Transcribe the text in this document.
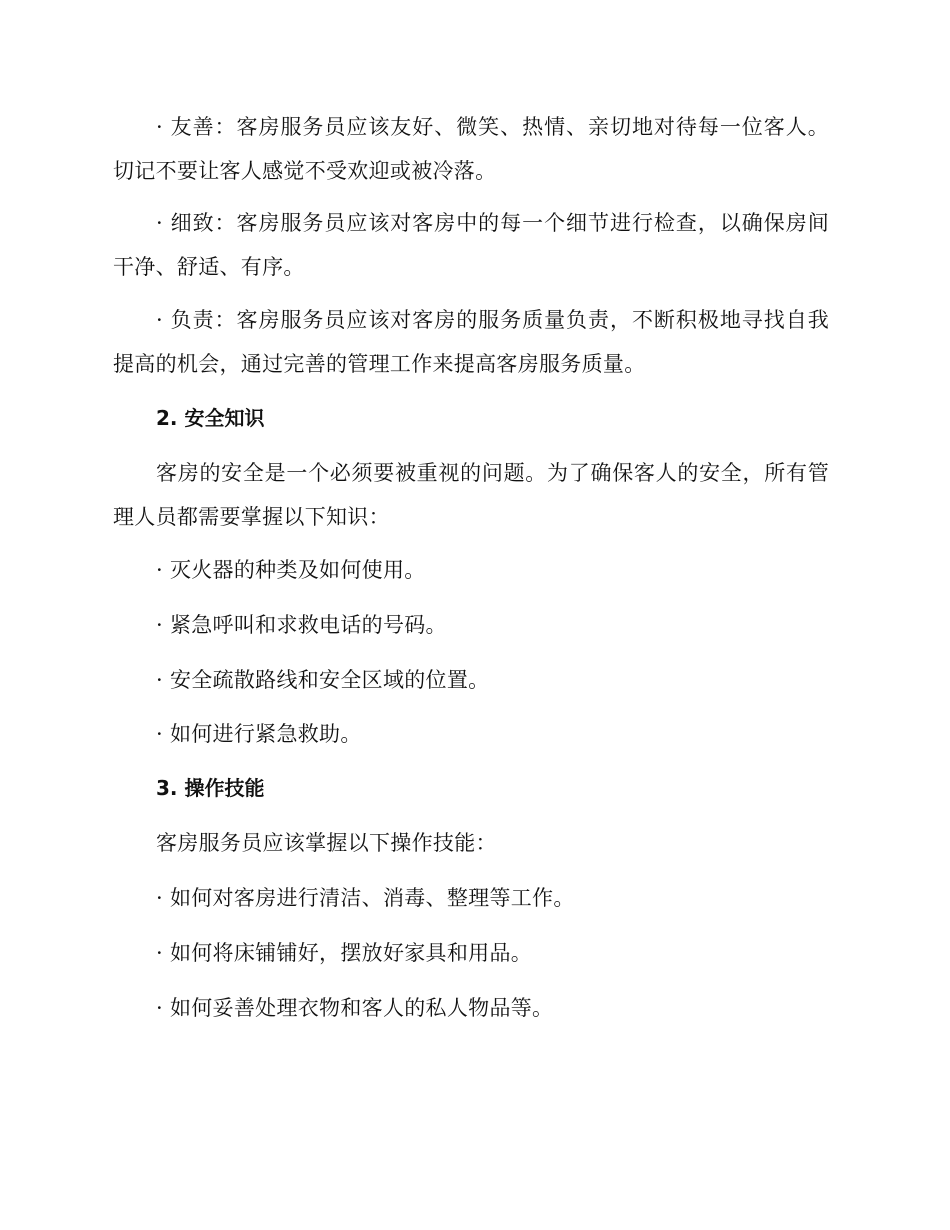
· 友善：客房服务员应该友好、微笑、热情、亲切地对待每一位客人。切记不要让客人感觉不受欢迎或被冷落。

· 细致：客房服务员应该对客房中的每一个细节进行检查，以确保房间干净、舒适、有序。

· 负责：客房服务员应该对客房的服务质量负责，不断积极地寻找自我提高的机会，通过完善的管理工作来提高客房服务质量。

2. 安全知识

客房的安全是一个必须要被重视的问题。为了确保客人的安全，所有管理人员都需要掌握以下知识：

· 灭火器的种类及如何使用。

· 紧急呼叫和求救电话的号码。

· 安全疏散路线和安全区域的位置。

· 如何进行紧急救助。

3. 操作技能

客房服务员应该掌握以下操作技能：

· 如何对客房进行清洁、消毒、整理等工作。

· 如何将床铺铺好，摆放好家具和用品。

· 如何妥善处理衣物和客人的私人物品等。
